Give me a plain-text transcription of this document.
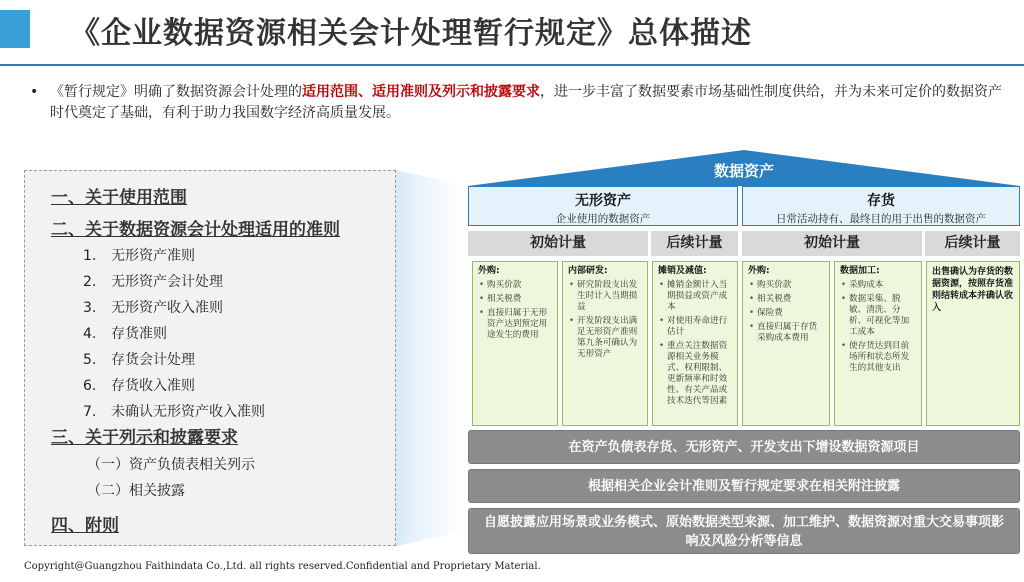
《企业数据资源相关会计处理暂行规定》总体描述
• 《暂行规定》明确了数据资源会计处理的适用范围、适用准则及列示和披露要求，进一步丰富了数据要素市场基础性制度供给，并为未来可定价的数据资产时代奠定了基础，有利于助力我国数字经济高质量发展。
一、关于使用范围
二、关于数据资源会计处理适用的准则
1. 无形资产准则
2. 无形资产会计处理
3. 无形资产收入准则
4. 存货准则
5. 存货会计处理
6. 存货收入准则
7. 未确认无形资产收入准则
三、关于列示和披露要求
（一）资产负债表相关列示
（二）相关披露
四、附则
数据资产
无形资产
企业使用的数据资产
存货
日常活动持有、最终目的用于出售的数据资产
初始计量	后续计量	初始计量	后续计量
外购:
• 购买价款
• 相关税费
• 直接归属于无形资产达到预定用途发生的费用
内部研发:
• 研究阶段支出发生时计入当期损益
• 开发阶段支出满足无形资产准则第九条可确认为无形资产
摊销及减值:
• 摊销金额计入当期损益或资产成本
• 对使用寿命进行估计
• 重点关注数据资源相关业务模式、权利限制、更新频率和时效性、有关产品或技术迭代等因素
外购:
• 购买价款
• 相关税费
• 保险费
• 直接归属于存货采购成本费用
数据加工:
• 采购成本
• 数据采集、脱敏、清洗、分析、可视化等加工成本
• 使存货达到目前场所和状态所发生的其他支出
出售确认为存货的数据资源，按照存货准则结转成本并确认收入
在资产负债表存货、无形资产、开发支出下增设数据资源项目
根据相关企业会计准则及暂行规定要求在相关附注披露
自愿披露应用场景或业务模式、原始数据类型来源、加工维护、数据资源对重大交易事项影响及风险分析等信息
Copyright@Guangzhou Faithindata Co.,Ltd. all rights reserved.Confidential and Proprietary Material.
